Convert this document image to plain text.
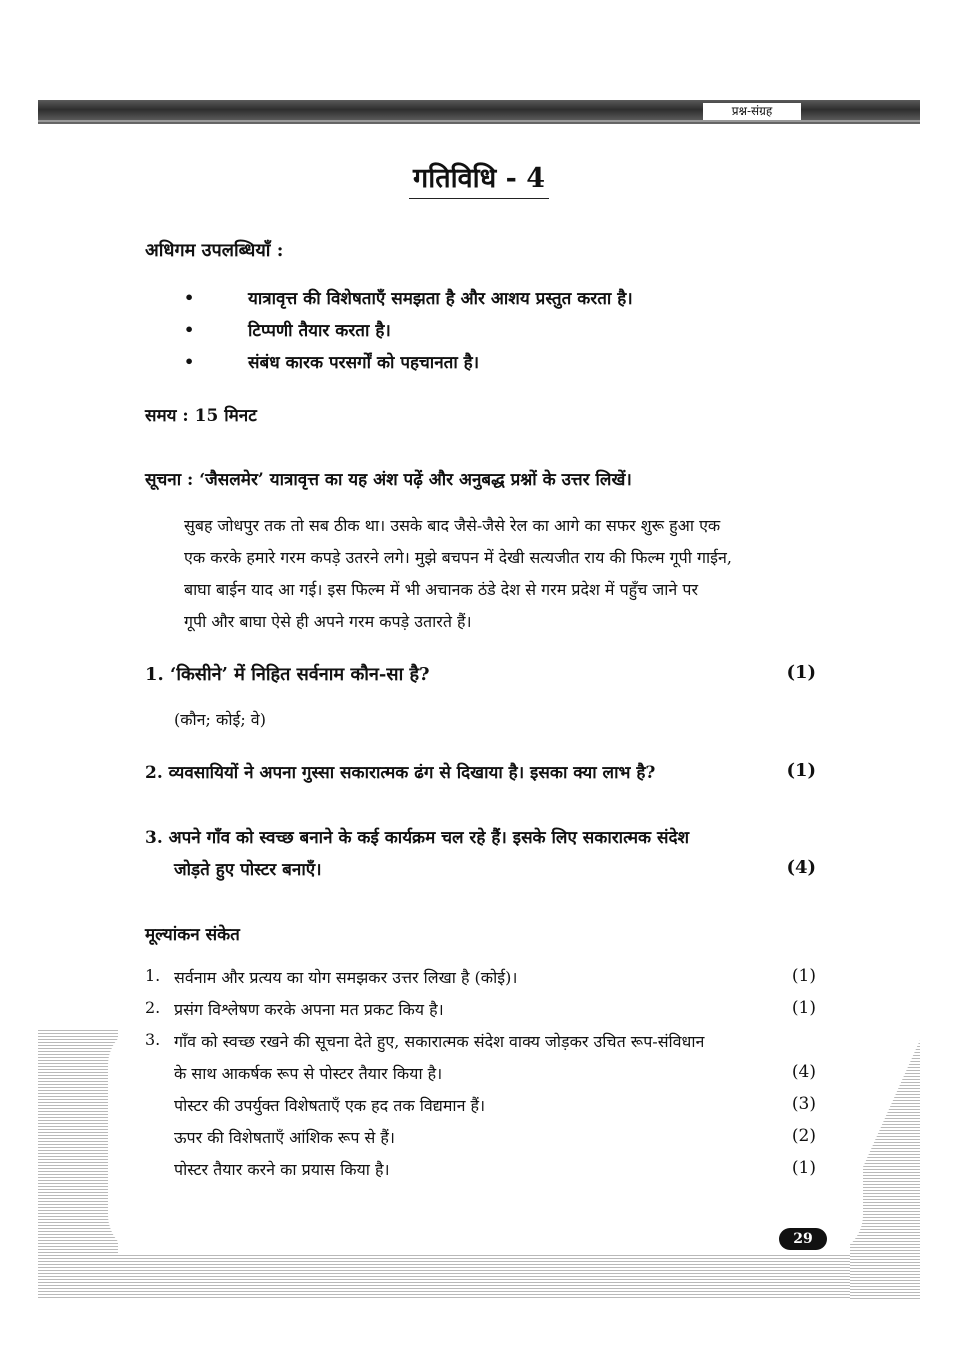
प्रश्न-संग्रह
गतिविधि - 4
अधिगम उपलब्धियाँ :
•	यात्रावृत्त की विशेषताएँ समझता है और आशय प्रस्तुत करता है।
•	टिप्पणी तैयार करता है।
•	संबंध कारक परसर्गों को पहचानता है।
समय : 15 मिनट
सूचना : ‘जैसलमेर’ यात्रावृत्त का यह अंश पढ़ें और अनुबद्ध प्रश्नों के उत्तर लिखें।
सुबह जोधपुर तक तो सब ठीक था। उसके बाद जैसे-जैसे रेल का आगे का सफर शुरू हुआ एक
एक करके हमारे गरम कपड़े उतरने लगे। मुझे बचपन में देखी सत्यजीत राय की फिल्म गूपी गाईन,
बाघा बाईन याद आ गई। इस फिल्म में भी अचानक ठंडे देश से गरम प्रदेश में पहुँच जाने पर
गूपी और बाघा ऐसे ही अपने गरम कपड़े उतारते हैं।
1. ‘किसीने’ में निहित सर्वनाम कौन-सा है?	(1)
(कौन; कोई; वे)
2. व्यवसायियों ने अपना गुस्सा सकारात्मक ढंग से दिखाया है। इसका क्या लाभ है?	(1)
3. अपने गाँव को स्वच्छ बनाने के कई कार्यक्रम चल रहे हैं। इसके लिए सकारात्मक संदेश
जोड़ते हुए पोस्टर बनाएँ।	(4)
मूल्यांकन संकेत
1. सर्वनाम और प्रत्यय का योग समझकर उत्तर लिखा है (कोई)।	(1)
2. प्रसंग विश्लेषण करके अपना मत प्रकट किय है।	(1)
3. गाँव को स्वच्छ रखने की सूचना देते हुए, सकारात्मक संदेश वाक्य जोड़कर उचित रूप-संविधान
के साथ आकर्षक रूप से पोस्टर तैयार किया है।	(4)
पोस्टर की उपर्युक्त विशेषताएँ एक हद तक विद्यमान हैं।	(3)
ऊपर की विशेषताएँ आंशिक रूप से हैं।	(2)
पोस्टर तैयार करने का प्रयास किया है।	(1)
29
